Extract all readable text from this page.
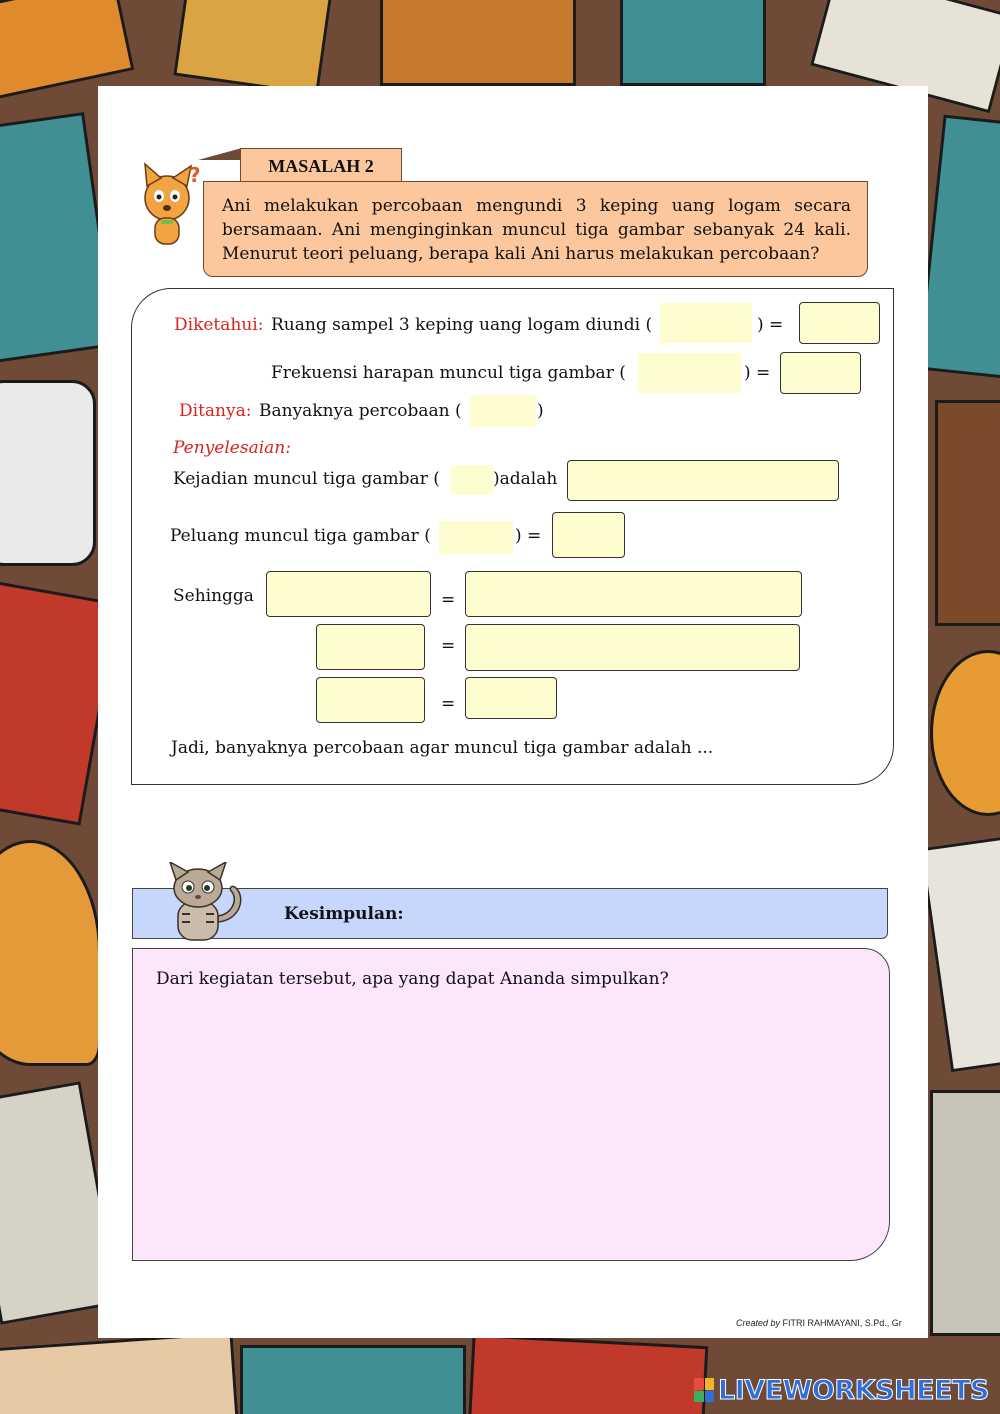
?	MASALAH 2
Ani melakukan percobaan mengundi 3 keping uang logam secara bersamaan. Ani menginginkan muncul tiga gambar sebanyak 24 kali. Menurut teori peluang, berapa kali Ani harus melakukan percobaan?
Diketahui: Ruang sampel 3 keping uang logam diundi (	) =
Frekuensi harapan muncul tiga gambar (	) =
Ditanya: Banyaknya percobaan (	)
Penyelesaian:
Kejadian muncul tiga gambar (	)adalah
Peluang muncul tiga gambar (	) =
Sehingga	=
=
=
Jadi, banyaknya percobaan agar muncul tiga gambar adalah ...
Kesimpulan:
Dari kegiatan tersebut, apa yang dapat Ananda simpulkan?
Created by FITRI RAHMAYANI, S.Pd., Gr
LIVEWORKSHEETS
